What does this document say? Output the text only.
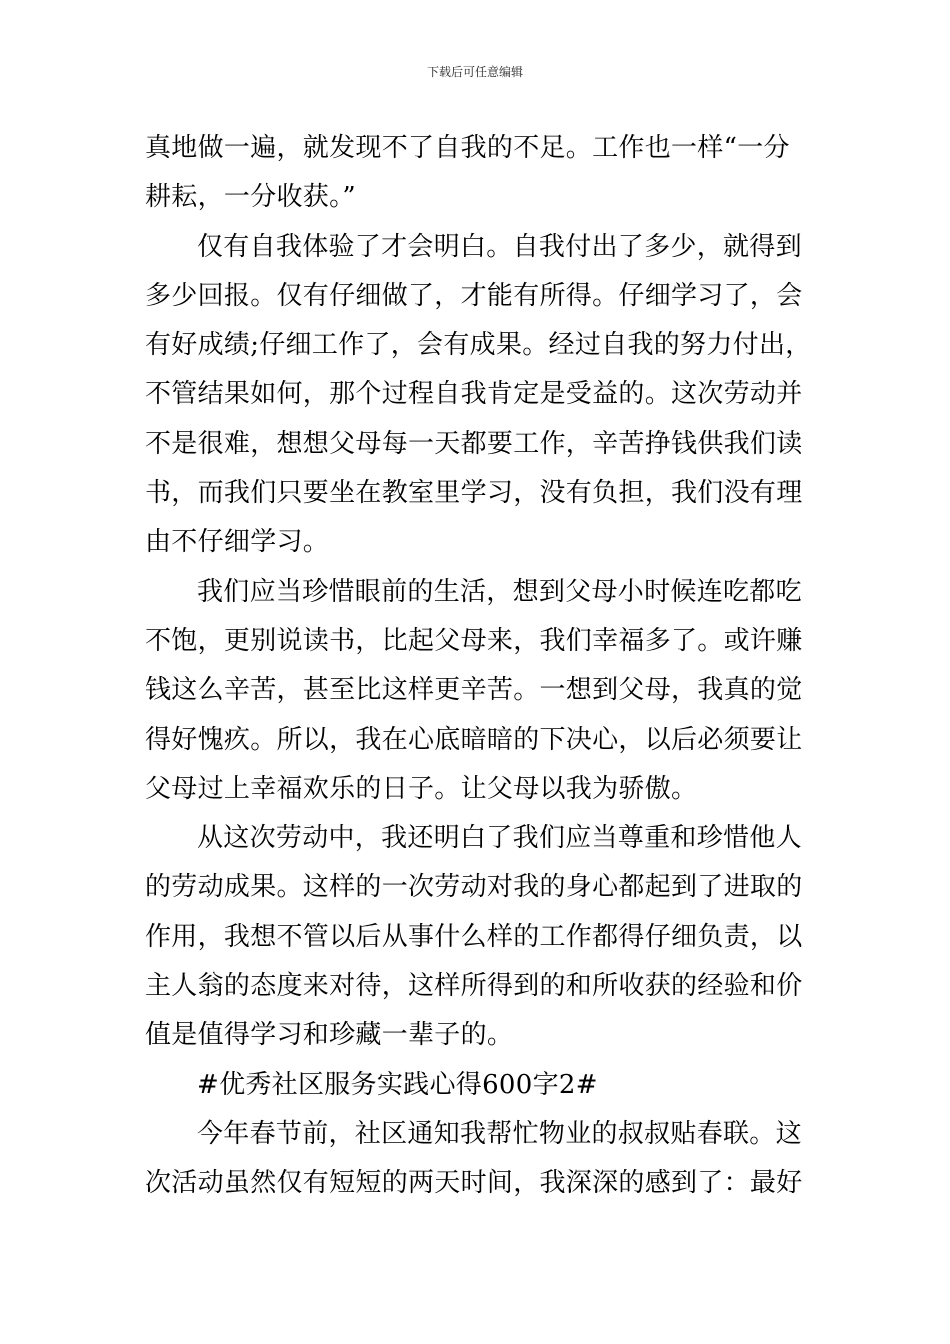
下载后可任意编辑
真地做一遍，就发现不了自我的不足。工作也一样“一分
耕耘，一分收获。”
仅有自我体验了才会明白。自我付出了多少，就得到
多少回报。仅有仔细做了，才能有所得。仔细学习了，会
有好成绩;仔细工作了，会有成果。经过自我的努力付出，
不管结果如何，那个过程自我肯定是受益的。这次劳动并
不是很难，想想父母每一天都要工作，辛苦挣钱供我们读
书，而我们只要坐在教室里学习，没有负担，我们没有理
由不仔细学习。
我们应当珍惜眼前的生活，想到父母小时候连吃都吃
不饱，更别说读书，比起父母来，我们幸福多了。或许赚
钱这么辛苦，甚至比这样更辛苦。一想到父母，我真的觉
得好愧疚。所以，我在心底暗暗的下决心，以后必须要让
父母过上幸福欢乐的日子。让父母以我为骄傲。
从这次劳动中，我还明白了我们应当尊重和珍惜他人
的劳动成果。这样的一次劳动对我的身心都起到了进取的
作用，我想不管以后从事什么样的工作都得仔细负责，以
主人翁的态度来对待，这样所得到的和所收获的经验和价
值是值得学习和珍藏一辈子的。
#优秀社区服务实践心得600字2#
今年春节前，社区通知我帮忙物业的叔叔贴春联。这
次活动虽然仅有短短的两天时间，我深深的感到了：最好
